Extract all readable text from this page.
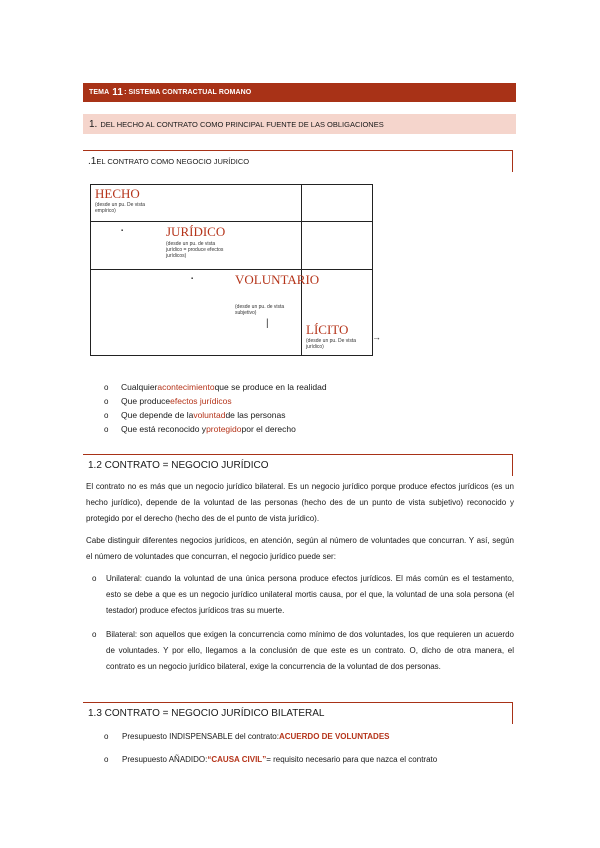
TEMA
11 : SISTEMA CONTRACTUAL ROMANO
1. DEL HECHO AL CONTRATO COMO PRINCIPAL FUENTE DE LAS OBLIGACIONES
.1 EL CONTRATO COMO NEGOCIO JURÍDICO
HECHO
(desde un pu. De vista empírico)
▪	JURÍDICO
(desde un pu. de vista jurídico = produce efectos jurídicos)
▪	VOLUNTARIO
(desde un pu. de vista subjetivo)
|	LÍCITO
(desde un pu. De vista jurídico)
→
o	Cualquier acontecimiento que se produce en la realidad
o	Que produce efectos jurídicos
o	Que depende de la voluntad de las personas
o	Que está reconocido y protegido por el derecho
1.2 CONTRATO = NEGOCIO JURÍDICO
El contrato no es más que un negocio jurídico bilateral. Es un negocio jurídico porque produce efectos jurídicos (es un hecho jurídico), depende de la voluntad de las personas (hecho des de un punto de vista subjetivo) reconocido y protegido por el derecho (hecho des de el punto de vista jurídico).
Cabe distinguir diferentes negocios jurídicos, en atención, según al número de voluntades que concurran. Y así, según el número de voluntades que concurran, el negocio jurídico puede ser:
o Unilateral: cuando la voluntad de una única persona produce efectos jurídicos. El más común es el testamento, esto se debe a que es un negocio jurídico unilateral mortis causa, por el que, la voluntad de una sola persona (el testador) produce efectos jurídicos tras su muerte.
o Bilateral: son aquellos que exigen la concurrencia como mínimo de dos voluntades, los que requieren un acuerdo de voluntades. Y por ello, llegamos a la conclusión de que este es un contrato. O, dicho de otra manera, el contrato es un negocio jurídico bilateral, exige la concurrencia de la voluntad de dos personas.
1.3 CONTRATO = NEGOCIO JURÍDICO BILATERAL
o	Presupuesto INDISPENSABLE del contrato: ACUERDO DE VOLUNTADES
o	Presupuesto AÑADIDO: “CAUSA CIVIL” = requisito necesario para que nazca el contrato
